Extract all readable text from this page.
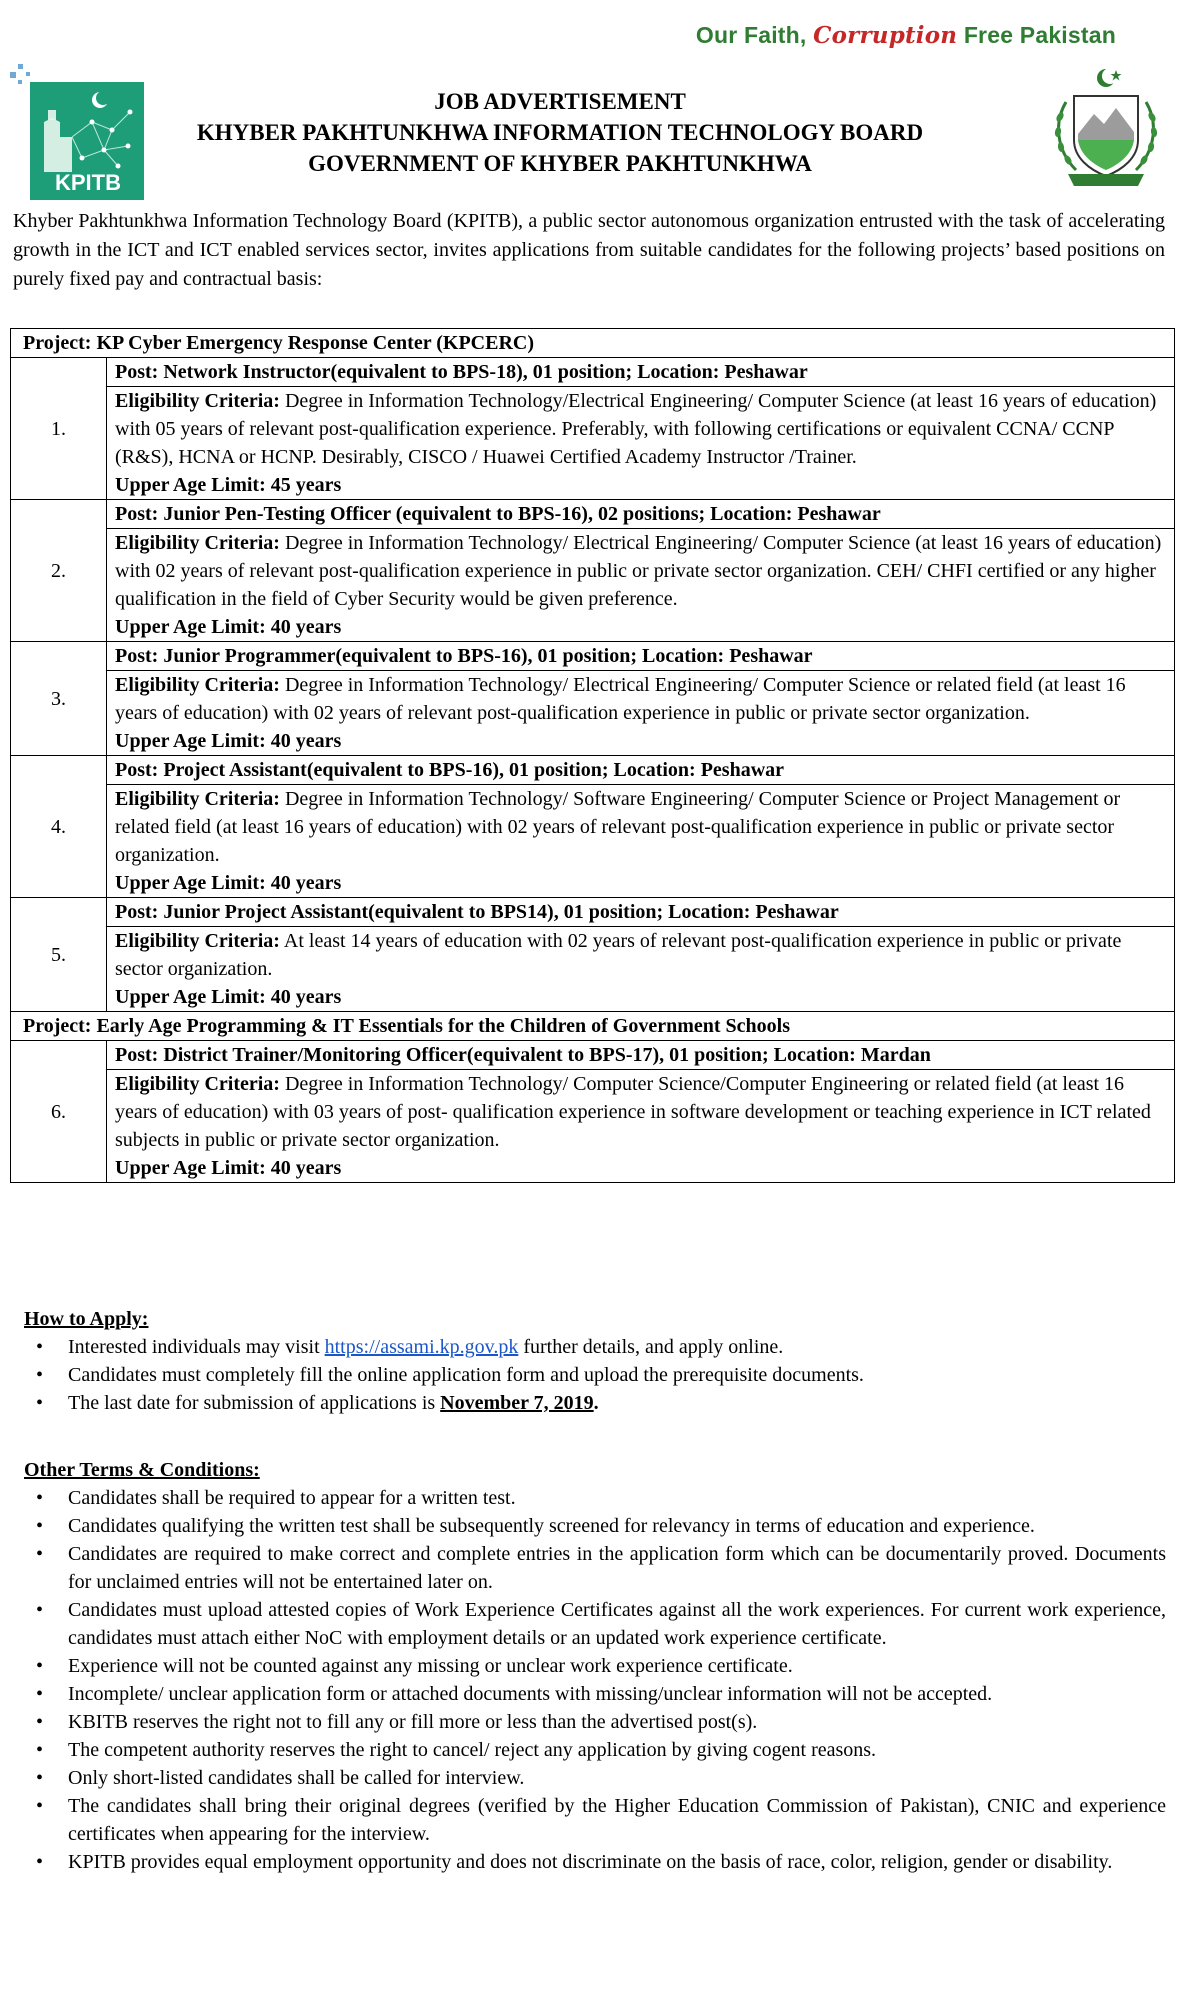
Our Faith, Corruption Free Pakistan
KPITB
JOB ADVERTISEMENT
KHYBER PAKHTUNKHWA INFORMATION TECHNOLOGY BOARD
GOVERNMENT OF KHYBER PAKHTUNKHWA
Khyber Pakhtunkhwa Information Technology Board (KPITB), a public sector autonomous organization entrusted with the task of accelerating growth in the ICT and ICT enabled services sector, invites applications from suitable candidates for the following projects’ based positions on purely fixed pay and contractual basis:
Project: KP Cyber Emergency Response Center (KPCERC)	
1.	Post: Network Instructor(equivalent to BPS-18), 01 position; Location: Peshawar
	Eligibility Criteria: Degree in Information Technology/Electrical Engineering/ Computer Science (at least 16 years of education) with 05 years of relevant post-qualification experience. Preferably, with following certifications or equivalent CCNA/ CCNP (R&S), HCNA or HCNP. Desirably, CISCO / Huawei Certified Academy Instructor /Trainer.
Upper Age Limit: 45 years

2.	Post: Junior Pen-Testing Officer (equivalent to BPS-16), 02 positions; Location: Peshawar
	Eligibility Criteria: Degree in Information Technology/ Electrical Engineering/ Computer Science (at least 16 years of education) with 02 years of relevant post-qualification experience in public or private sector organization. CEH/ CHFI certified or any higher qualification in the field of Cyber Security would be given preference.
Upper Age Limit: 40 years

3.	Post: Junior Programmer(equivalent to BPS-16), 01 position; Location: Peshawar
	Eligibility Criteria: Degree in Information Technology/ Electrical Engineering/ Computer Science or related field (at least 16 years of education) with 02 years of relevant post-qualification experience in public or private sector organization.
Upper Age Limit: 40 years

4.	Post: Project Assistant(equivalent to BPS-16), 01 position; Location: Peshawar
	Eligibility Criteria: Degree in Information Technology/ Software Engineering/ Computer Science or Project Management or related field (at least 16 years of education) with 02 years of relevant post-qualification experience in public or private sector organization.
Upper Age Limit: 40 years

5.	Post: Junior Project Assistant(equivalent to BPS14), 01 position; Location: Peshawar
	Eligibility Criteria: At least 14 years of education with 02 years of relevant post-qualification experience in public or private sector organization.
Upper Age Limit: 40 years

Project: Early Age Programming & IT Essentials for the Children of Government Schools	
6.	Post: District Trainer/Monitoring Officer(equivalent to BPS-17), 01 position; Location: Mardan
	Eligibility Criteria: Degree in Information Technology/ Computer Science/Computer Engineering or related field (at least 16 years of education) with 03 years of post- qualification experience in software development or teaching experience in ICT related subjects in public or private sector organization.
Upper Age Limit: 40 years
How to Apply:
• Interested individuals may visit https://assami.kp.gov.pk further details, and apply online.
• Candidates must completely fill the online application form and upload the prerequisite documents.
• The last date for submission of applications is November 7, 2019.
Other Terms & Conditions:
• Candidates shall be required to appear for a written test.
• Candidates qualifying the written test shall be subsequently screened for relevancy in terms of education and experience.
• Candidates are required to make correct and complete entries in the application form which can be documentarily proved. Documents for unclaimed entries will not be entertained later on.
• Candidates must upload attested copies of Work Experience Certificates against all the work experiences. For current work experience, candidates must attach either NoC with employment details or an updated work experience certificate.
• Experience will not be counted against any missing or unclear work experience certificate.
• Incomplete/ unclear application form or attached documents with missing/unclear information will not be accepted.
• KBITB reserves the right not to fill any or fill more or less than the advertised post(s).
• The competent authority reserves the right to cancel/ reject any application by giving cogent reasons.
• Only short-listed candidates shall be called for interview.
• The candidates shall bring their original degrees (verified by the Higher Education Commission of Pakistan), CNIC and experience certificates when appearing for the interview.
• KPITB provides equal employment opportunity and does not discriminate on the basis of race, color, religion, gender or disability.
